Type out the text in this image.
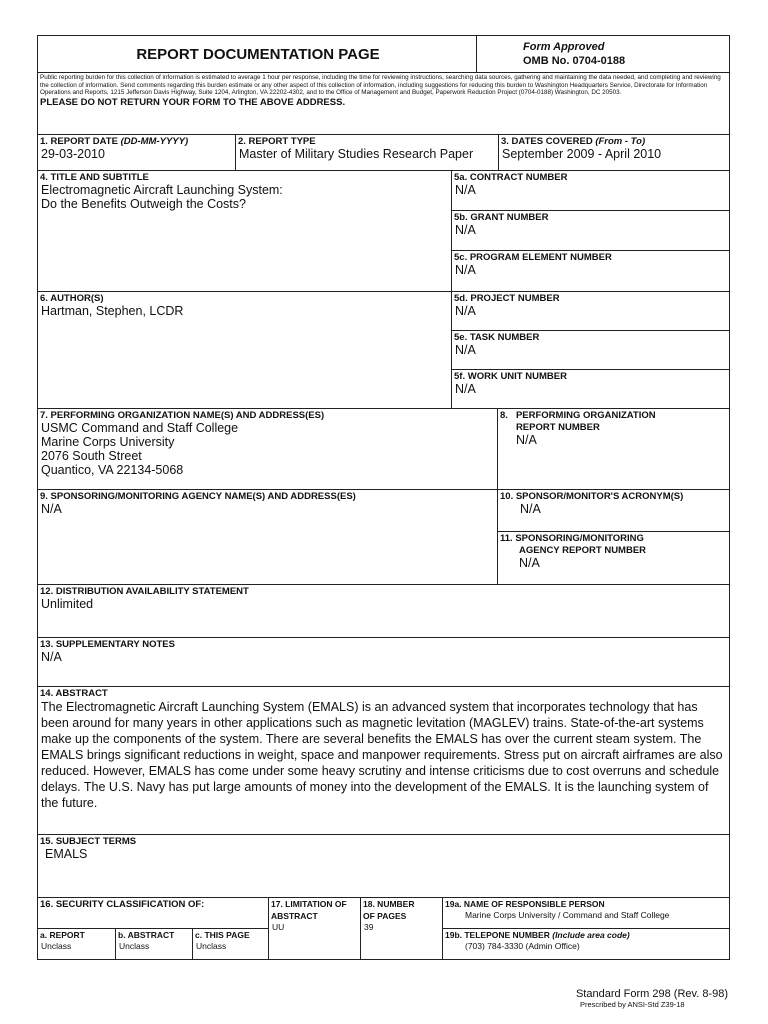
REPORT DOCUMENTATION PAGE	Form Approved
OMB No. 0704-0188
Public reporting burden for this collection of information is estimated to average 1 hour per response, including the time for reviewing instructions, searching data sources, gathering and maintaining the data needed, and completing and reviewing the collection of information. Send comments regarding this burden estimate or any other aspect of this collection of information, including suggestions for reducing this burden to Washington Headquarters Service, Directorate for Information Operations and Reports, 1215 Jefferson Davis Highway, Suite 1204, Arlington, VA 22202-4302, and to the Office of Management and Budget, Paperwork Reduction Project (0704-0188) Washington, DC 20503.
PLEASE DO NOT RETURN YOUR FORM TO THE ABOVE ADDRESS.
1. REPORT DATE (DD-MM-YYYY)
29-03-2010
2. REPORT TYPE
Master of Military Studies Research Paper
3. DATES COVERED (From - To)
September 2009 - April 2010
4. TITLE AND SUBTITLE
Electromagnetic Aircraft Launching System:
Do the Benefits Outweigh the Costs?
5a. CONTRACT NUMBER
N/A
5b. GRANT NUMBER
N/A
5c. PROGRAM ELEMENT NUMBER
N/A
6. AUTHOR(S)
Hartman, Stephen, LCDR
5d. PROJECT NUMBER
N/A
5e. TASK NUMBER
N/A
5f. WORK UNIT NUMBER
N/A
7. PERFORMING ORGANIZATION NAME(S) AND ADDRESS(ES)
USMC Command and Staff College
Marine Corps University
2076 South Street
Quantico, VA 22134-5068
8. PERFORMING ORGANIZATION
REPORT NUMBER
N/A
9. SPONSORING/MONITORING AGENCY NAME(S) AND ADDRESS(ES)
N/A
10. SPONSOR/MONITOR'S ACRONYM(S)
N/A
11. SPONSORING/MONITORING
AGENCY REPORT NUMBER
N/A
12. DISTRIBUTION AVAILABILITY STATEMENT
Unlimited
13. SUPPLEMENTARY NOTES
N/A
14. ABSTRACT
The Electromagnetic Aircraft Launching System (EMALS) is an advanced system that incorporates technology that has been around for many years in other applications such as magnetic levitation (MAGLEV) trains. State-of-the-art systems make up the components of the system. There are several benefits the EMALS has over the current steam system. The EMALS brings significant reductions in weight, space and manpower requirements. Stress put on aircraft airframes are also reduced. However, EMALS has come under some heavy scrutiny and intense criticisms due to cost overruns and schedule delays. The U.S. Navy has put large amounts of money into the development of the EMALS. It is the launching system of the future.
15. SUBJECT TERMS
EMALS
16. SECURITY CLASSIFICATION OF:
a. REPORT
Unclass
b. ABSTRACT
Unclass
c. THIS PAGE
Unclass
17. LIMITATION OF
ABSTRACT
UU
18. NUMBER
OF PAGES
39
19a. NAME OF RESPONSIBLE PERSON
Marine Corps University / Command and Staff College
19b. TELEPONE NUMBER (Include area code)
(703) 784-3330 (Admin Office)
Standard Form 298 (Rev. 8-98)
Prescribed by ANSI-Std Z39-18
